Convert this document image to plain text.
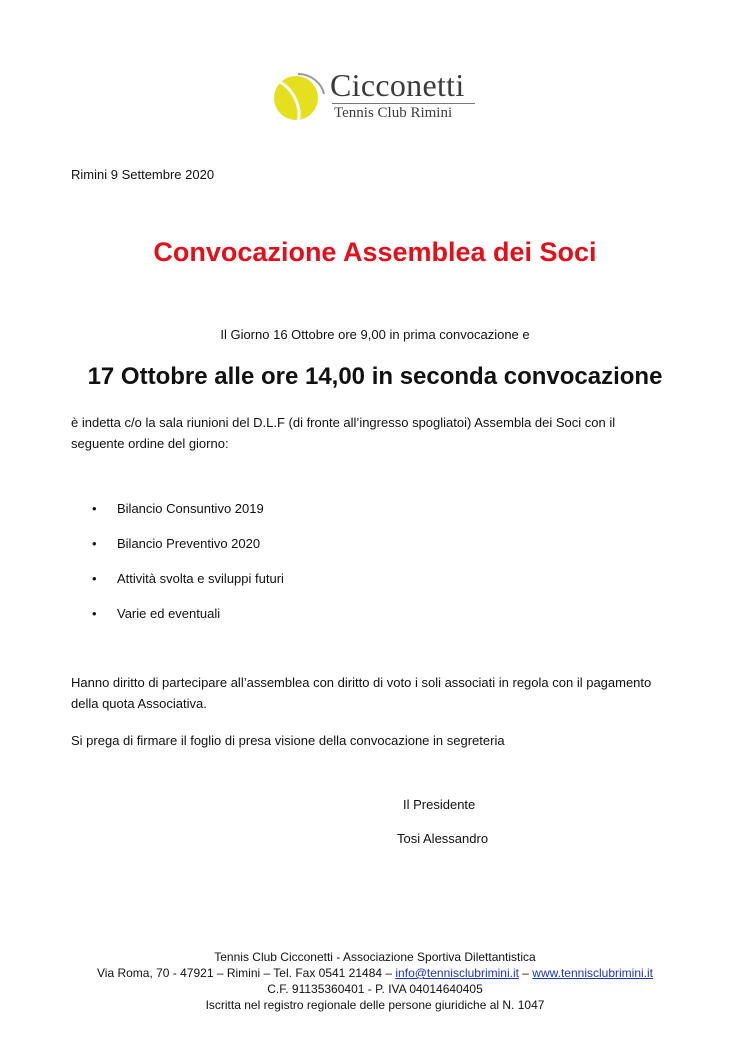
Cicconetti
Tennis Club Rimini
Rimini 9 Settembre 2020
Convocazione Assemblea dei Soci
Il Giorno 16 Ottobre ore 9,00 in prima convocazione e
17 Ottobre alle ore 14,00 in seconda convocazione
è indetta c/o la sala riunioni del D.L.F (di fronte all’ingresso spogliatoi) Assembla dei Soci con il seguente ordine del giorno:
• Bilancio Consuntivo 2019
• Bilancio Preventivo 2020
• Attività svolta e sviluppi futuri
• Varie ed eventuali
Hanno diritto di partecipare all’assemblea con diritto di voto i soli associati in regola con il pagamento della quota Associativa.
Si prega di firmare il foglio di presa visione della convocazione in segreteria
Il Presidente
Tosi Alessandro
Tennis Club Cicconetti - Associazione Sportiva Dilettantistica
Via Roma, 70 - 47921 – Rimini – Tel. Fax 0541 21484 – info@tennisclubrimini.it – www.tennisclubrimini.it
C.F. 91135360401 - P. IVA 04014640405
Iscritta nel registro regionale delle persone giuridiche al N. 1047
